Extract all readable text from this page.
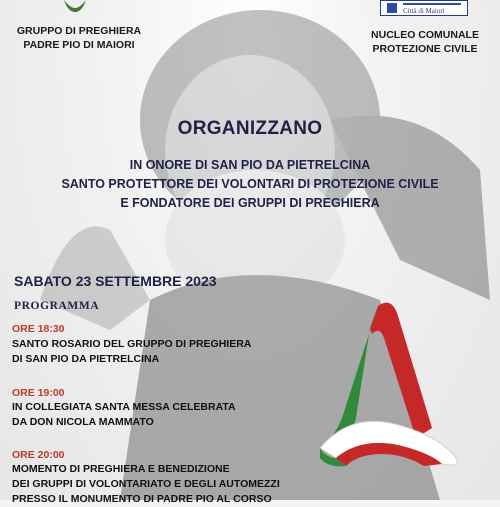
GRUPPO DI PREGHIERA
PADRE PIO DI MAIORI
Città di Maiori
NUCLEO COMUNALE
PROTEZIONE CIVILE
ORGANIZZANO
IN ONORE DI SAN PIO DA PIETRELCINA
SANTO PROTETTORE DEI VOLONTARI DI PROTEZIONE CIVILE
E FONDATORE DEI GRUPPI DI PREGHIERA
SABATO 23 SETTEMBRE 2023
PROGRAMMA
ORE 18:30
SANTO ROSARIO DEL GRUPPO DI PREGHIERA
DI SAN PIO DA PIETRELCINA
ORE 19:00
IN COLLEGIATA SANTA MESSA CELEBRATA
DA DON NICOLA MAMMATO
ORE 20:00
MOMENTO DI PREGHIERA E BENEDIZIONE
DEI GRUPPI DI VOLONTARIATO E DEGLI AUTOMEZZI
PRESSO IL MONUMENTO DI PADRE PIO AL CORSO
